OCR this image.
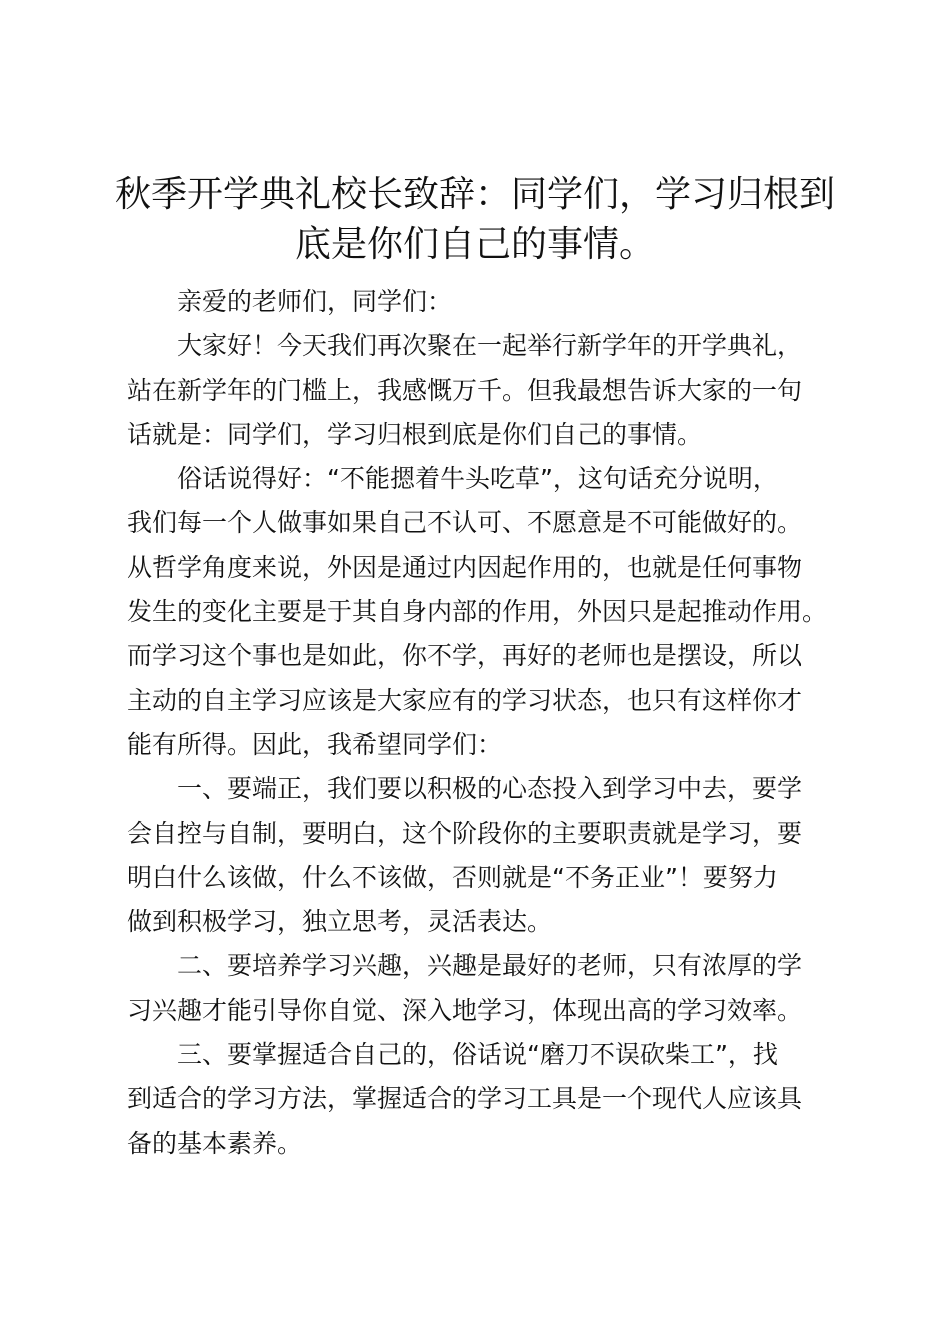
秋季开学典礼校长致辞：同学们，学习归根到
底是你们自己的事情。
亲爱的老师们，同学们：
大家好！今天我们再次聚在一起举行新学年的开学典礼，
站在新学年的门槛上，我感慨万千。但我最想告诉大家的一句
话就是：同学们，学习归根到底是你们自己的事情。
俗话说得好：“不能摁着牛头吃草”，这句话充分说明，
我们每一个人做事如果自己不认可、不愿意是不可能做好的。
从哲学角度来说，外因是通过内因起作用的，也就是任何事物
发生的变化主要是于其自身内部的作用，外因只是起推动作用。
而学习这个事也是如此，你不学，再好的老师也是摆设，所以
主动的自主学习应该是大家应有的学习状态，也只有这样你才
能有所得。因此，我希望同学们：
一、要端正，我们要以积极的心态投入到学习中去，要学
会自控与自制，要明白，这个阶段你的主要职责就是学习，要
明白什么该做，什么不该做，否则就是“不务正业”！要努力
做到积极学习，独立思考，灵活表达。
二、要培养学习兴趣，兴趣是最好的老师，只有浓厚的学
习兴趣才能引导你自觉、深入地学习，体现出高的学习效率。
三、要掌握适合自己的，俗话说“磨刀不误砍柴工”，找
到适合的学习方法，掌握适合的学习工具是一个现代人应该具
备的基本素养。
